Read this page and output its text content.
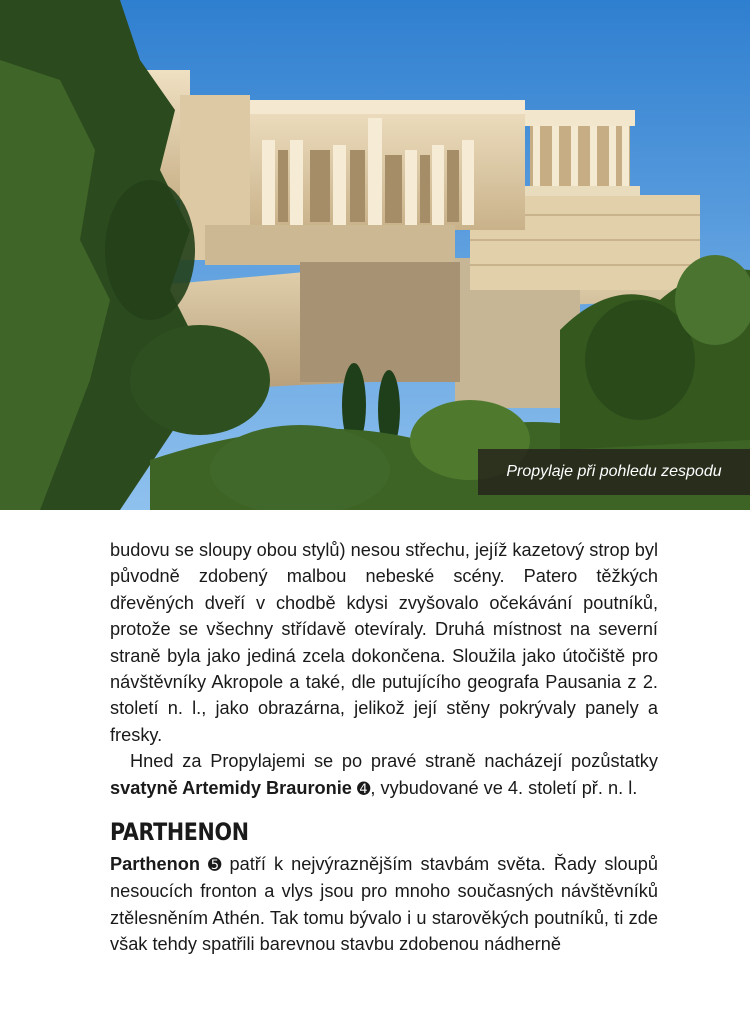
Propylaje při pohledu zespodu

budovu se sloupy obou stylů) nesou střechu, jejíž kazetový strop byl původně zdobený malbou nebeské scény. Patero těžkých dřevěných dveří v chodbě kdysi zvyšovalo očekávání poutníků, protože se všechny střídavě otevíraly. Druhá místnost na severní straně byla jako jediná zcela dokončena. Sloužila jako útočiště pro návštěvníky Akropole a také, dle putujícího geografa Pausania z 2. století n. l., jako obrazárna, jelikož její stěny pokrývaly panely a fresky.

Hned za Propylajemi se po pravé straně nacházejí pozůstatky svatyně Artemidy Brauronie ➍, vybudované ve 4. století př. n. l.

PARTHENON

Parthenon ➎ patří k nejvýraznějším stavbám světa. Řady sloupů nesoucích fronton a vlys jsou pro mnoho současných návštěvníků ztělesněním Athén. Tak tomu bývalo i u starověkých poutníků, ti zde však tehdy spatřili barevnou stavbu zdobenou nádherně
